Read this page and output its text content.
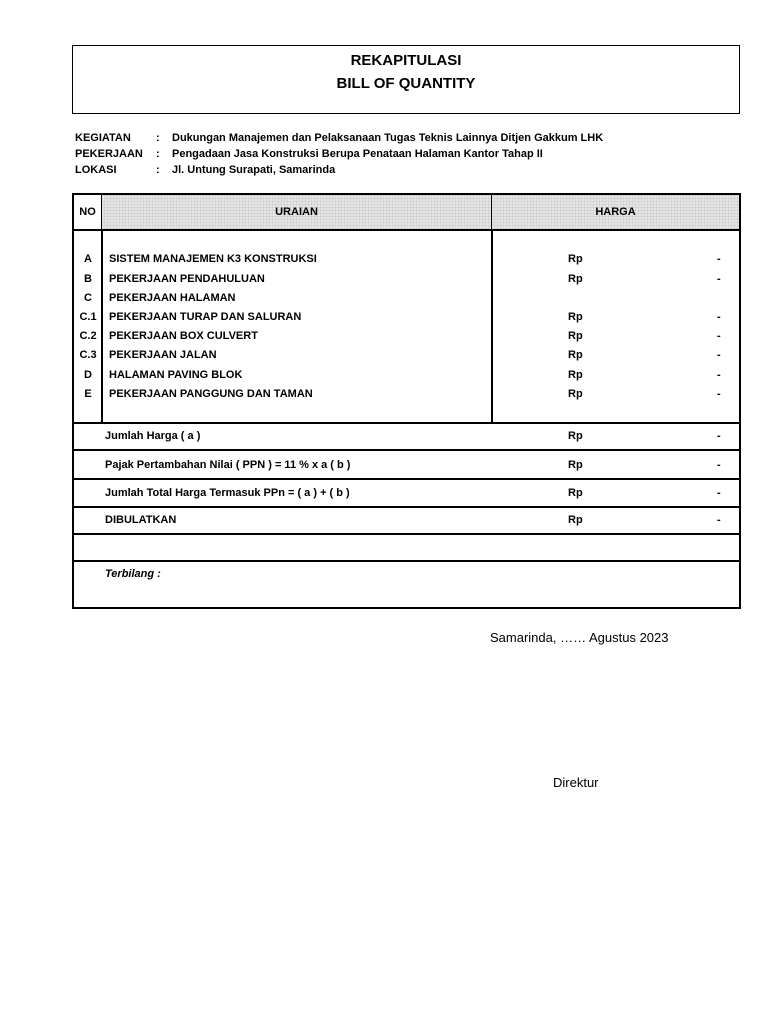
REKAPITULASI
BILL OF QUANTITY
KEGIATAN	: Dukungan Manajemen dan Pelaksanaan Tugas Teknis Lainnya Ditjen Gakkum LHK
PEKERJAAN	: Pengadaan Jasa Konstruksi Berupa Penataan Halaman Kantor Tahap II
LOKASI	: Jl. Untung Surapati, Samarinda
NO	URAIAN	HARGA
A	SISTEM MANAJEMEN K3 KONSTRUKSI	Rp	-
B	PEKERJAAN PENDAHULUAN	Rp	-
C	PEKERJAAN HALAMAN
C.1	PEKERJAAN TURAP DAN SALURAN	Rp	-
C.2	PEKERJAAN BOX CULVERT	Rp	-
C.3	PEKERJAAN JALAN	Rp	-
D	HALAMAN PAVING BLOK	Rp	-
E	PEKERJAAN PANGGUNG DAN TAMAN	Rp	-
Jumlah Harga ( a )	Rp	-
Pajak Pertambahan Nilai ( PPN ) = 11 % x a ( b )	Rp	-
Jumlah Total Harga Termasuk PPn = ( a ) + ( b )	Rp	-
DIBULATKAN	Rp	-
Terbilang :
Samarinda, …… Agustus 2023
Direktur
